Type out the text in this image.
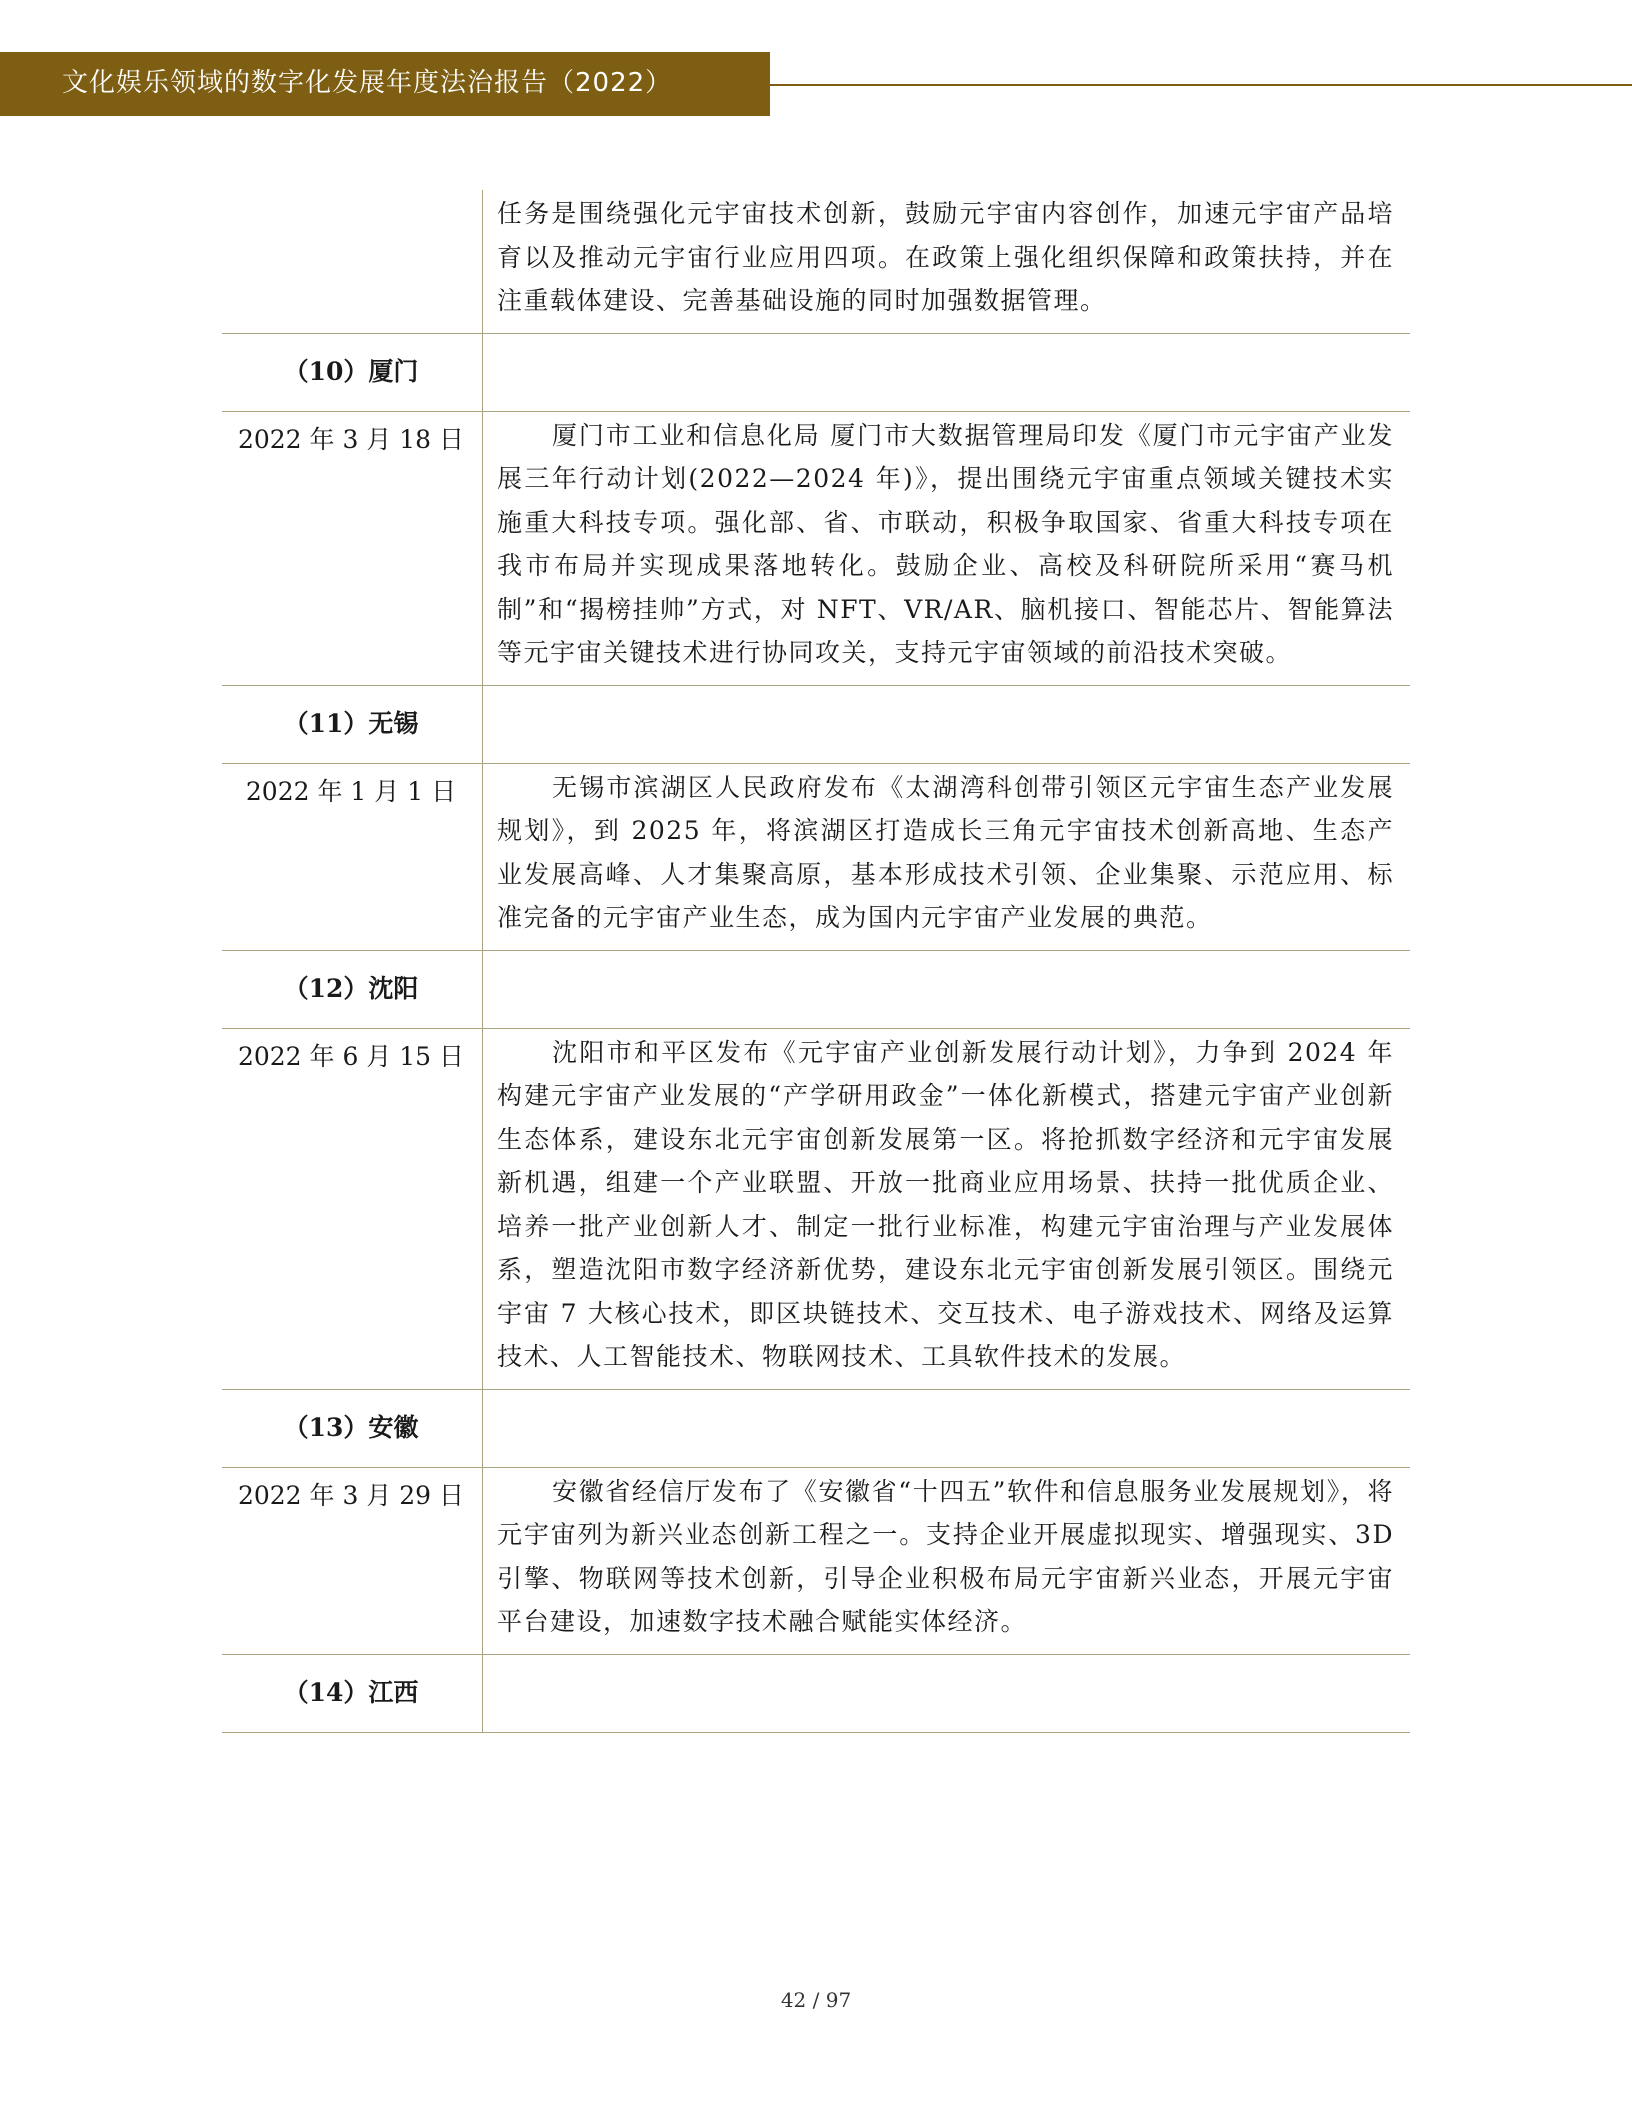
文化娱乐领域的数字化发展年度法治报告（2022）
任务是围绕强化元宇宙技术创新，鼓励元宇宙内容创作，加速元宇宙产品培育以及推动元宇宙行业应用四项。在政策上强化组织保障和政策扶持，并在注重载体建设、完善基础设施的同时加强数据管理。
（10）厦门
2022 年 3 月 18 日	厦门市工业和信息化局 厦门市大数据管理局印发《厦门市元宇宙产业发展三年行动计划(2022—2024 年)》，提出围绕元宇宙重点领域关键技术实施重大科技专项。强化部、省、市联动，积极争取国家、省重大科技专项在我市布局并实现成果落地转化。鼓励企业、高校及科研院所采用“赛马机制”和“揭榜挂帅”方式，对 NFT、VR/AR、脑机接口、智能芯片、智能算法等元宇宙关键技术进行协同攻关，支持元宇宙领域的前沿技术突破。
（11）无锡
2022 年 1 月 1 日	无锡市滨湖区人民政府发布《太湖湾科创带引领区元宇宙生态产业发展规划》，到 2025 年，将滨湖区打造成长三角元宇宙技术创新高地、生态产业发展高峰、人才集聚高原，基本形成技术引领、企业集聚、示范应用、标准完备的元宇宙产业生态，成为国内元宇宙产业发展的典范。
（12）沈阳
2022 年 6 月 15 日	沈阳市和平区发布《元宇宙产业创新发展行动计划》，力争到 2024 年构建元宇宙产业发展的“产学研用政金”一体化新模式，搭建元宇宙产业创新生态体系，建设东北元宇宙创新发展第一区。将抢抓数字经济和元宇宙发展新机遇，组建一个产业联盟、开放一批商业应用场景、扶持一批优质企业、培养一批产业创新人才、制定一批行业标准，构建元宇宙治理与产业发展体系，塑造沈阳市数字经济新优势，建设东北元宇宙创新发展引领区。围绕元宇宙 7 大核心技术，即区块链技术、交互技术、电子游戏技术、网络及运算技术、人工智能技术、物联网技术、工具软件技术的发展。
（13）安徽
2022 年 3 月 29 日	安徽省经信厅发布了《安徽省“十四五”软件和信息服务业发展规划》，将元宇宙列为新兴业态创新工程之一。支持企业开展虚拟现实、增强现实、3D 引擎、物联网等技术创新，引导企业积极布局元宇宙新兴业态，开展元宇宙平台建设，加速数字技术融合赋能实体经济。
（14）江西
42 / 97
